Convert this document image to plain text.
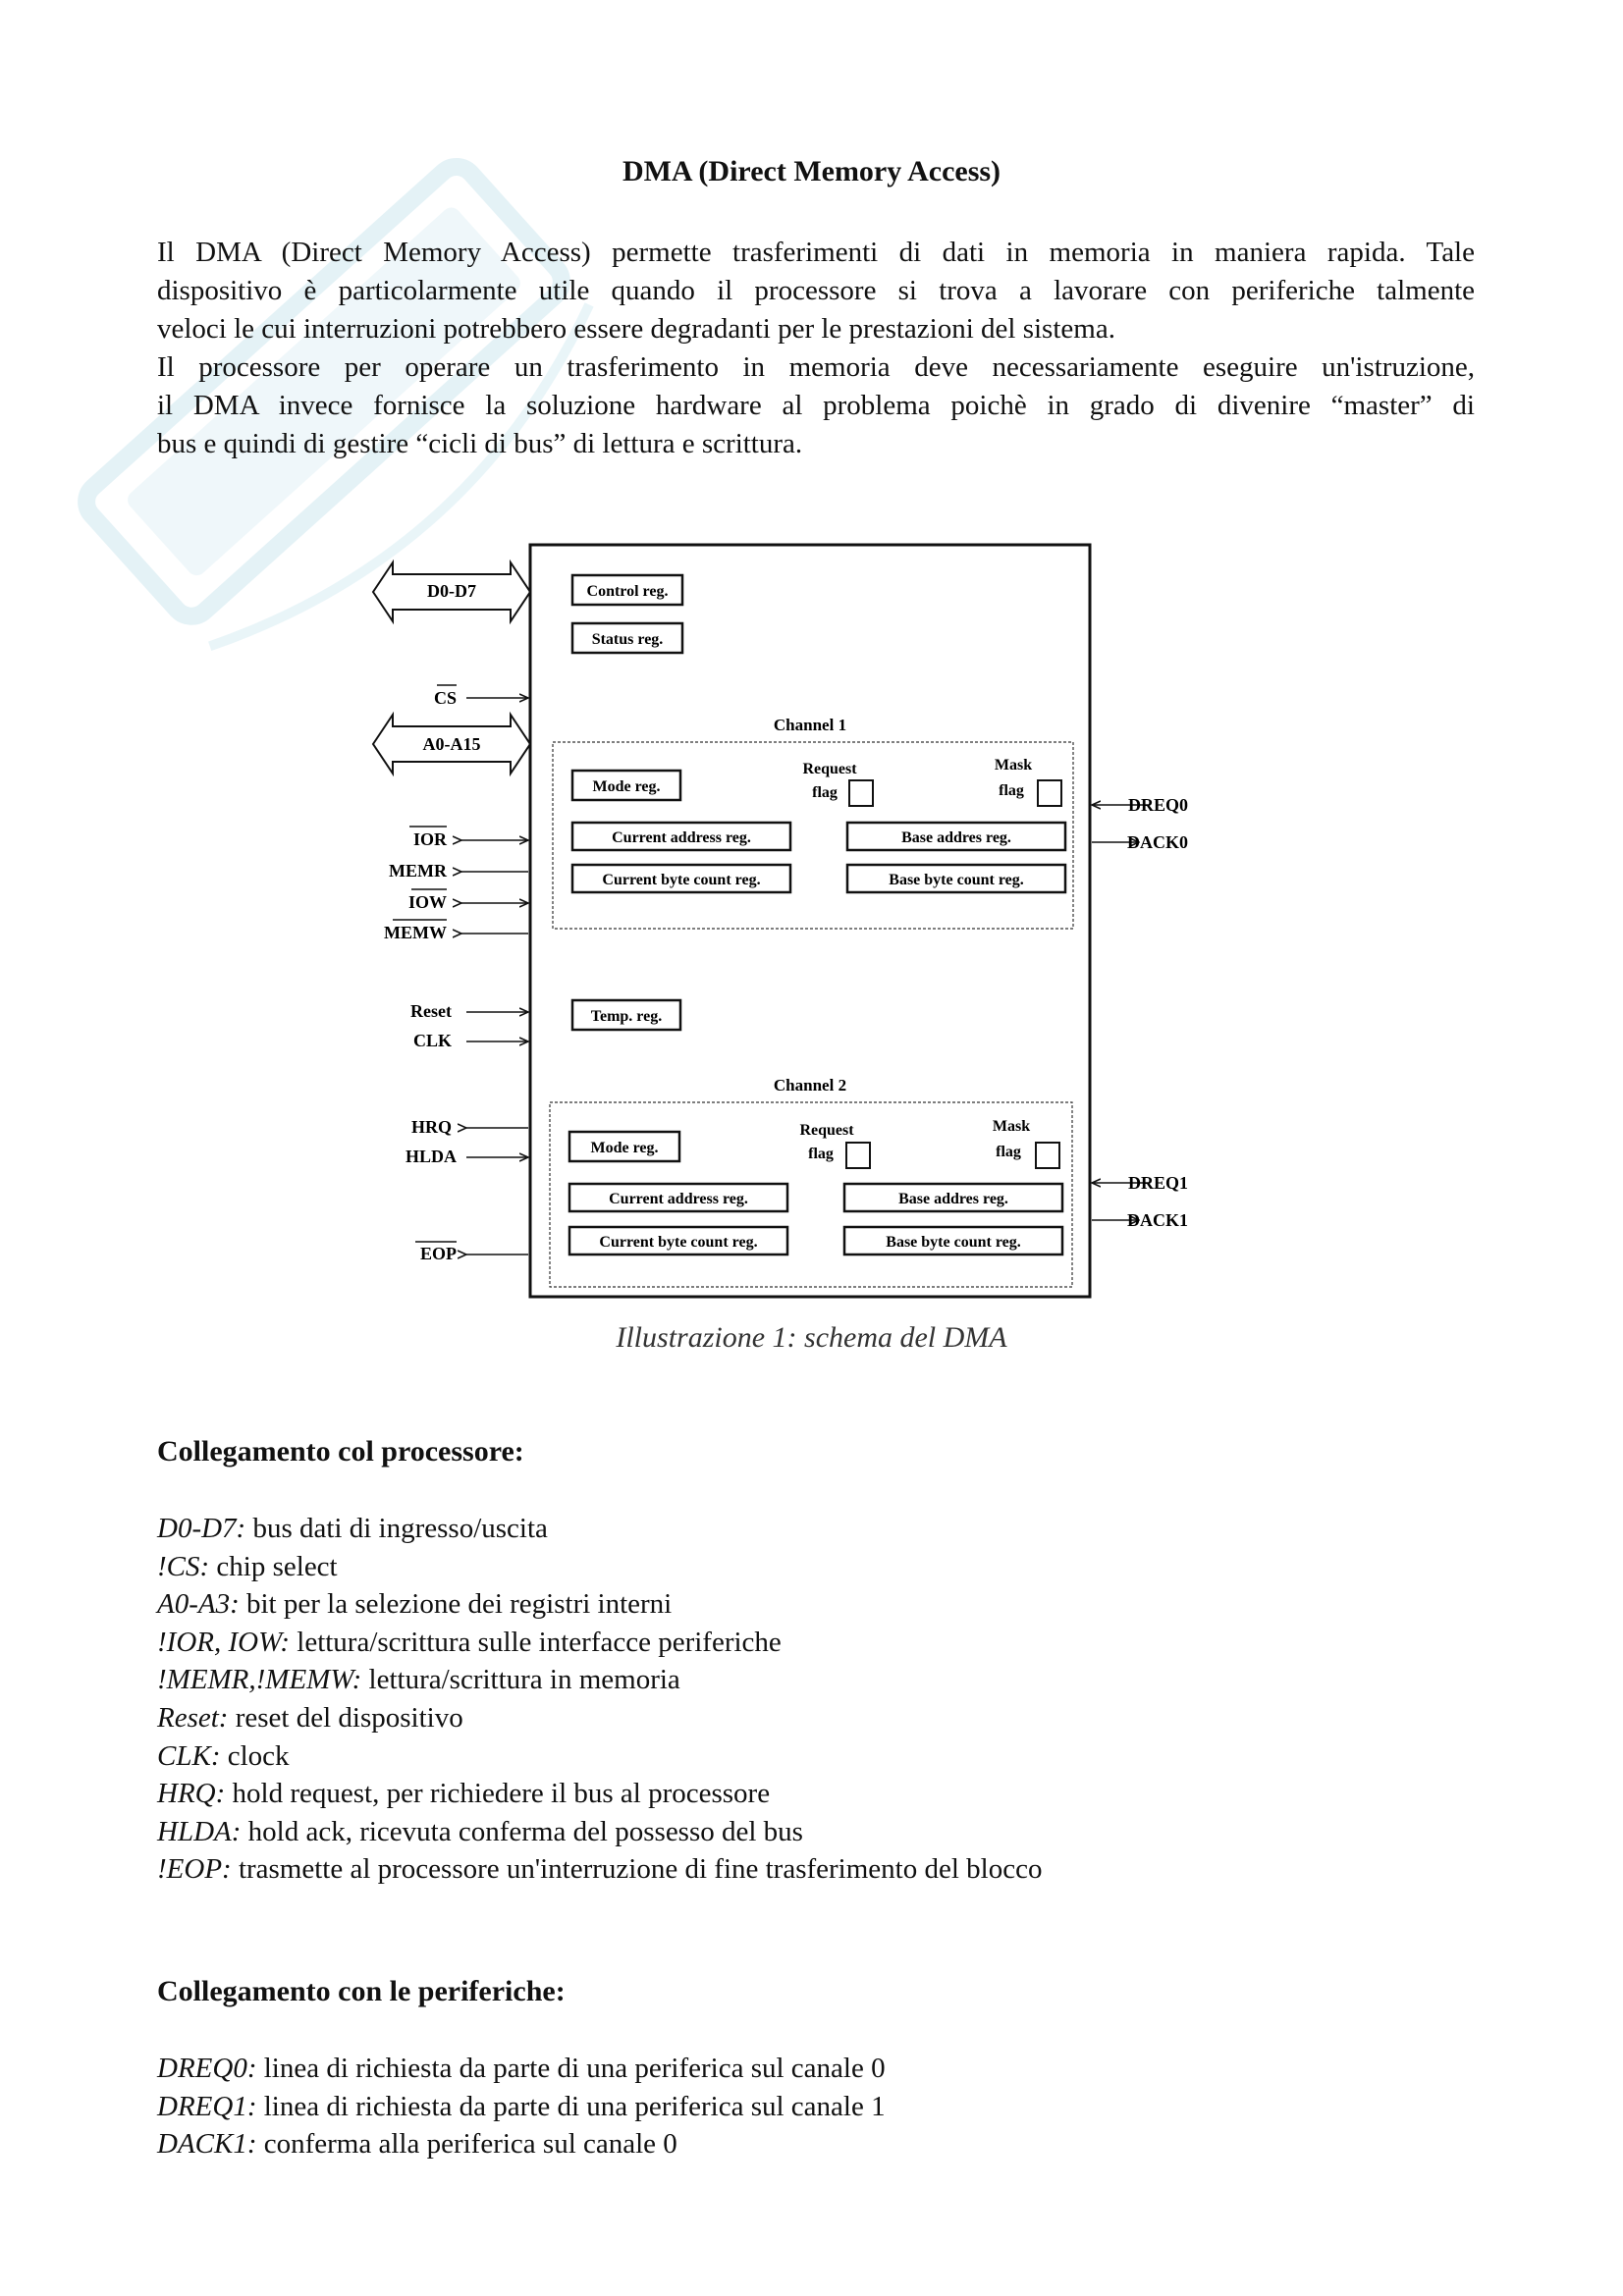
DMA (Direct Memory Access)
Il DMA (Direct Memory Access) permette trasferimenti di dati in memoria in maniera rapida. Tale
dispositivo è particolarmente utile quando il processore si trova a lavorare con periferiche talmente
veloci le cui interruzioni potrebbero essere degradanti per le prestazioni del sistema.
Il processore per operare un trasferimento in memoria deve necessariamente eseguire un'istruzione,
il DMA invece fornisce la soluzione hardware al problema poichè in grado di divenire “master” di
bus e quindi di gestire “cicli di bus” di lettura e scrittura.
D0-D7
A0-A15
CS
IOR
MEMR
IOW
MEMW
Reset
CLK
HRQ
HLDA
EOP
DREQ0
DACK0
DREQ1
DACK1
Control reg.
Status reg.
Channel 1
Mode reg.
Request
flag
Mask
flag
Current address reg.	Base addres reg.
Current byte count reg.	Base byte count reg.
Temp. reg.
Channel 2
Mode reg.
Request
flag
Mask
flag
Current address reg.	Base addres reg.
Current byte count reg.	Base byte count reg.
Illustrazione 1: schema del DMA
Collegamento col processore:
D0-D7: bus dati di ingresso/uscita
!CS: chip select
A0-A3: bit per la selezione dei registri interni
!IOR, IOW: lettura/scrittura sulle interfacce periferiche
!MEMR,!MEMW: lettura/scrittura in memoria
Reset: reset del dispositivo
CLK: clock
HRQ: hold request, per richiedere il bus al processore
HLDA: hold ack, ricevuta conferma del possesso del bus
!EOP: trasmette al processore un'interruzione di fine trasferimento del blocco
Collegamento con le periferiche:
DREQ0: linea di richiesta da parte di una periferica sul canale 0
DREQ1: linea di richiesta da parte di una periferica sul canale 1
DACK1: conferma alla periferica sul canale 0
